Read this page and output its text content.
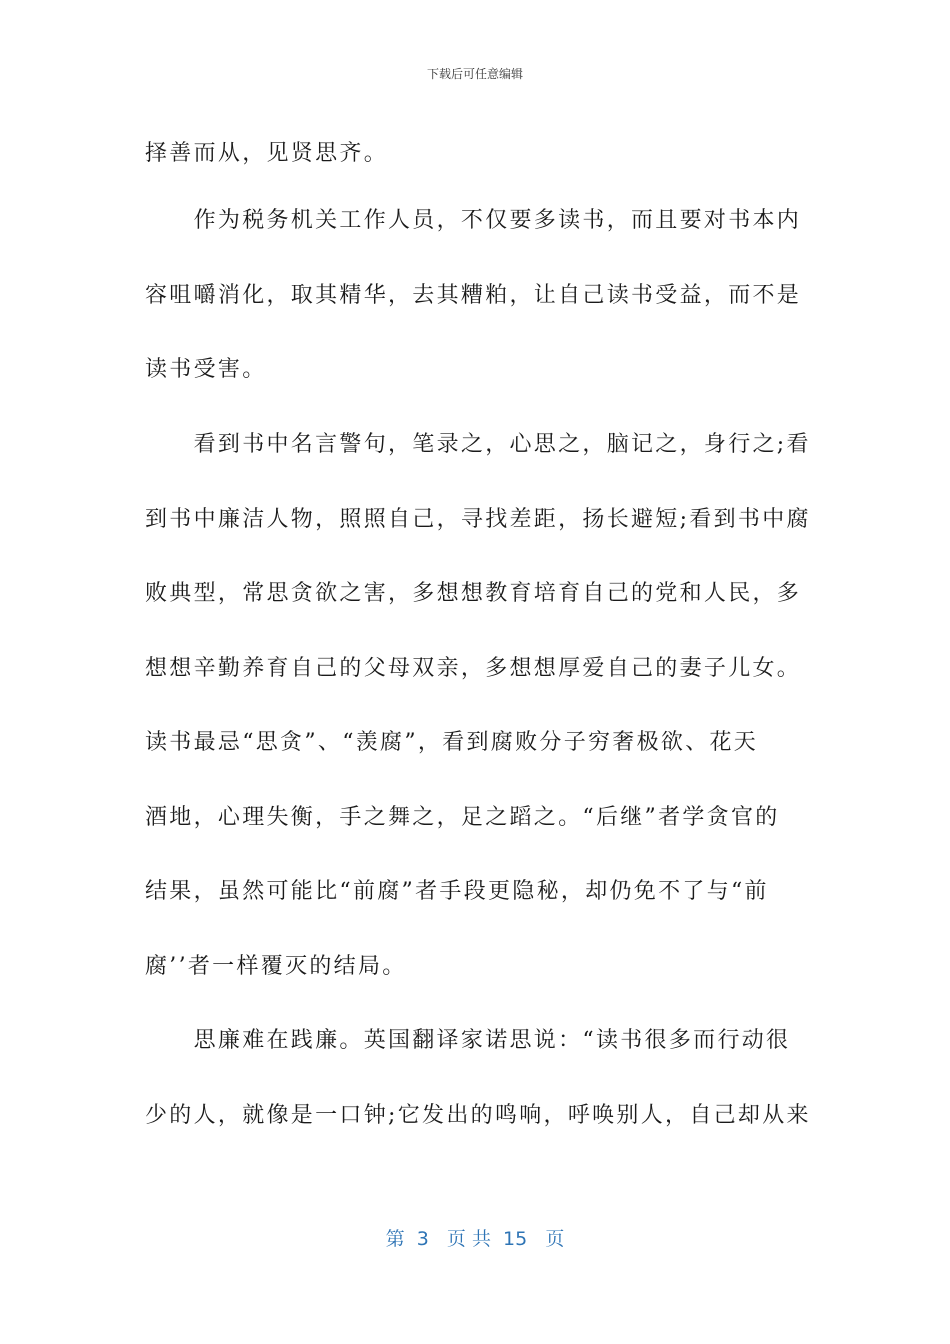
下载后可任意编辑
择善而从，见贤思齐。
　　作为税务机关工作人员，不仅要多读书，而且要对书本内
容咀嚼消化，取其精华，去其糟粕，让自己读书受益，而不是
读书受害。
　　看到书中名言警句，笔录之，心思之，脑记之，身行之;看
到书中廉洁人物，照照自己，寻找差距，扬长避短;看到书中腐
败典型，常思贪欲之害，多想想教育培育自己的党和人民，多
想想辛勤养育自己的父母双亲，多想想厚爱自己的妻子儿女。
读书最忌“思贪”、“羡腐”，看到腐败分子穷奢极欲、花天
酒地，心理失衡，手之舞之，足之蹈之。“后继”者学贪官的
结果，虽然可能比“前腐”者手段更隐秘，却仍免不了与“前
腐’’者一样覆灭的结局。
　　思廉难在践廉。英国翻译家诺思说：“读书很多而行动很
少的人，就像是一口钟;它发出的鸣响，呼唤别人，自己却从来
第  3   页 共  15   页
